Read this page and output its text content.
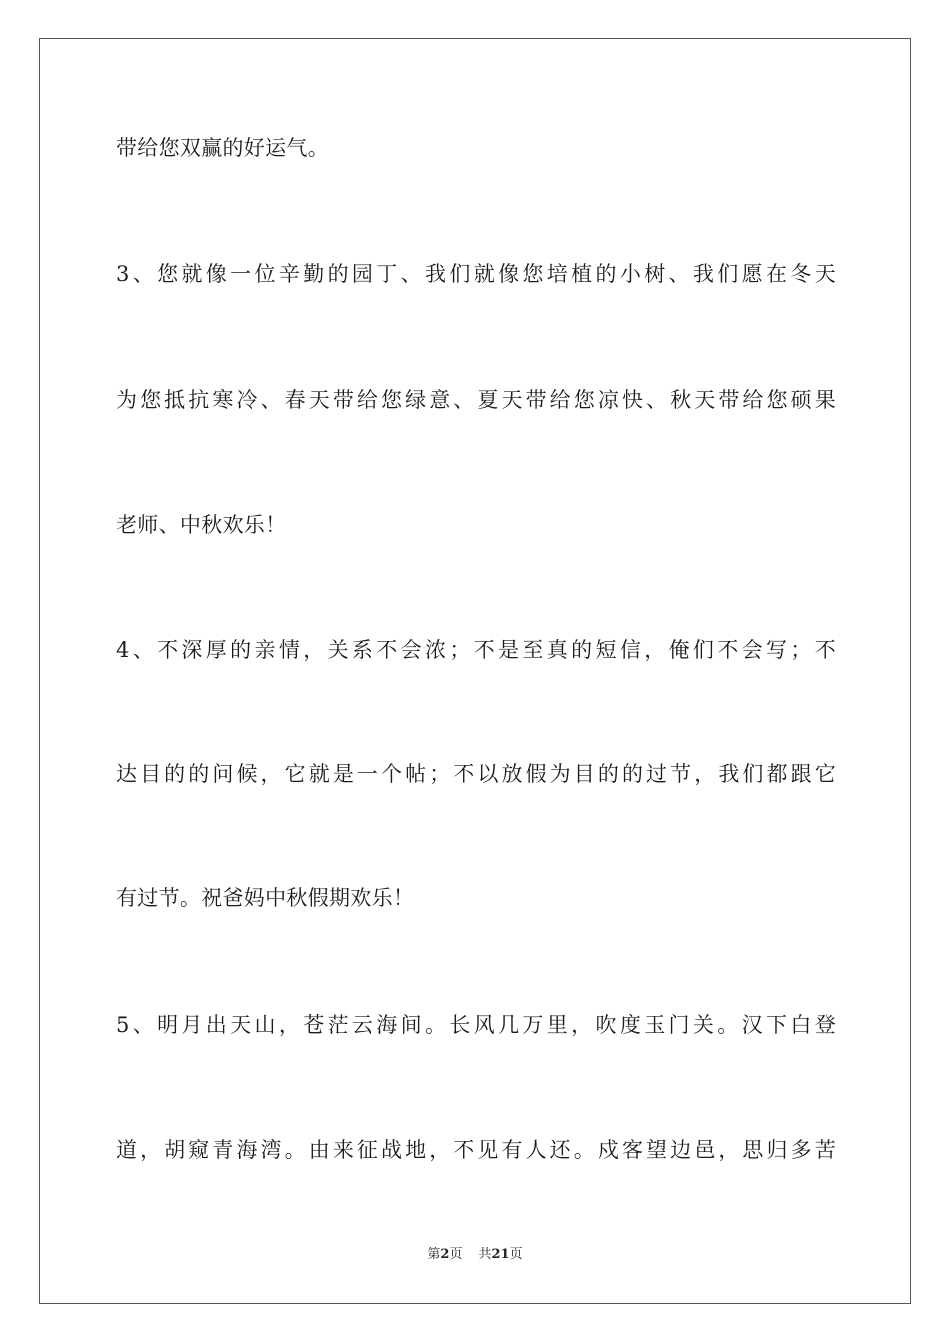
带给您双赢的好运气。
3、您就像一位辛勤的园丁、我们就像您培植的小树、我们愿在冬天
为您抵抗寒冷、春天带给您绿意、夏天带给您凉快、秋天带给您硕果
老师、中秋欢乐！
4、不深厚的亲情，关系不会浓；不是至真的短信，俺们不会写；不
达目的的问候，它就是一个帖；不以放假为目的的过节，我们都跟它
有过节。祝爸妈中秋假期欢乐！
5、明月出天山，苍茫云海间。长风几万里，吹度玉门关。汉下白登
道，胡窥青海湾。由来征战地，不见有人还。戍客望边邑，思归多苦
第2页 共21页
